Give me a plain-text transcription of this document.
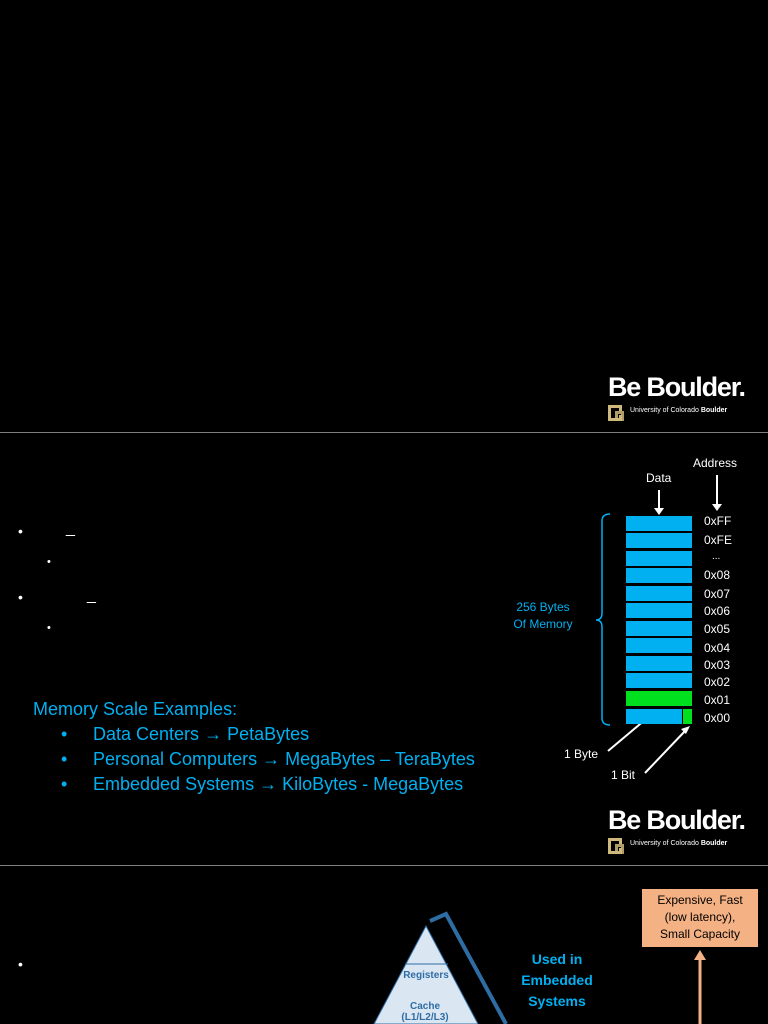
Be Boulder.
University of Colorado Boulder
•	_
•
•	_
•
Memory Scale Examples:
• Data Centers → PetaBytes
• Personal Computers → MegaBytes – TeraBytes
• Embedded Systems → KiloBytes - MegaBytes
Address
Data
0xFF
0xFE
...
0x08
0x07
0x06
0x05
0x04
0x03
0x02
0x01
0x00
256 Bytes
Of Memory
1 Byte
1 Bit
Be Boulder.
University of Colorado Boulder
•
Registers
Cache
(L1/L2/L3)
Used in
Embedded
Systems
Expensive, Fast
(low latency),
Small Capacity
